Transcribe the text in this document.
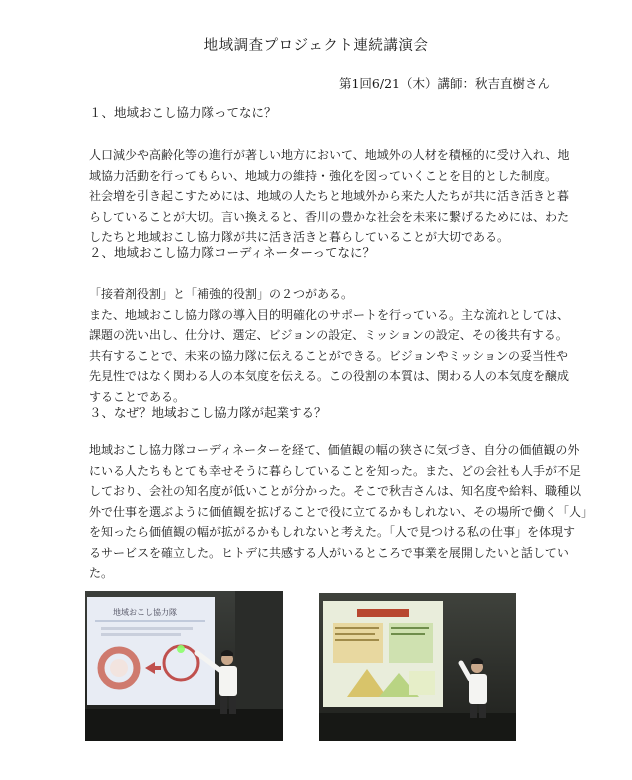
地域調査プロジェクト連続講演会
第1回6/21（木）講師：秋吉直樹さん
１、地域おこし協力隊ってなに？
人口減少や高齢化等の進行が著しい地方において、地域外の人材を積極的に受け入れ、地
域協力活動を行ってもらい、地域力の維持・強化を図っていくことを目的とした制度。
社会増を引き起こすためには、地域の人たちと地域外から来た人たちが共に活き活きと暮
らしていることが大切。言い換えると、香川の豊かな社会を未来に繋げるためには、わた
したちと地域おこし協力隊が共に活き活きと暮らしていることが大切である。
２、地域おこし協力隊コーディネーターってなに？
「接着剤役割」と「補強的役割」の２つがある。
また、地域おこし協力隊の導入目的明確化のサポートを行っている。主な流れとしては、
課題の洗い出し、仕分け、選定、ビジョンの設定、ミッションの設定、その後共有する。
共有することで、未来の協力隊に伝えることができる。ビジョンやミッションの妥当性や
先見性ではなく関わる人の本気度を伝える。この役割の本質は、関わる人の本気度を醸成
することである。
３、なぜ？地域おこし協力隊が起業する？
地域おこし協力隊コーディネーターを経て、価値観の幅の狭さに気づき、自分の価値観の外
にいる人たちもとても幸せそうに暮らしていることを知った。また、どの会社も人手が不足
しており、会社の知名度が低いことが分かった。そこで秋吉さんは、知名度や給料、職種以
外で仕事を選ぶように価値観を拡げることで役に立てるかもしれない、その場所で働く「人」
を知ったら価値観の幅が拡がるかもしれないと考えた。「人で見つける私の仕事」を体現す
るサービスを確立した。ヒトデに共感する人がいるところで事業を展開したいと話してい
た。
地域おこし協力隊
